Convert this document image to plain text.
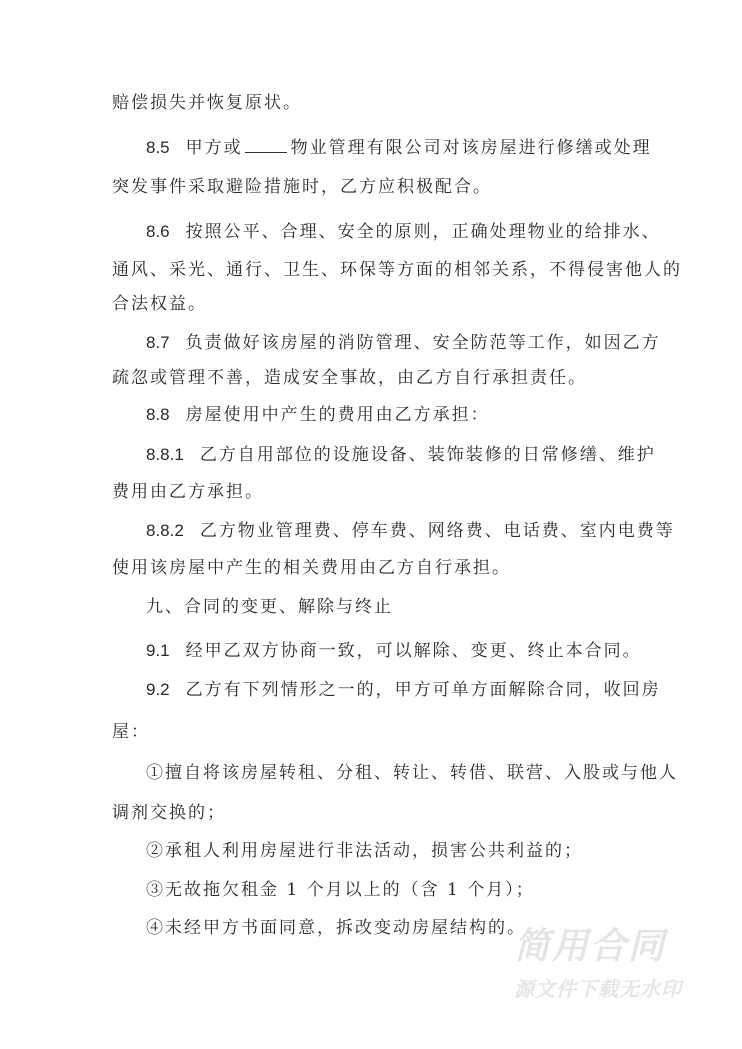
赔偿损失并恢复原状。
8.5 甲方或	物业管理有限公司对该房屋进行修缮或处理
突发事件采取避险措施时，乙方应积极配合。
8.6 按照公平、合理、安全的原则，正确处理物业的给排水、
通风、采光、通行、卫生、环保等方面的相邻关系，不得侵害他人的
合法权益。
8.7 负责做好该房屋的消防管理、安全防范等工作，如因乙方
疏忽或管理不善，造成安全事故，由乙方自行承担责任。
8.8 房屋使用中产生的费用由乙方承担：
8.8.1 乙方自用部位的设施设备、装饰装修的日常修缮、维护
费用由乙方承担。
8.8.2 乙方物业管理费、停车费、网络费、电话费、室内电费等
使用该房屋中产生的相关费用由乙方自行承担。
九、合同的变更、解除与终止
9.1 经甲乙双方协商一致，可以解除、变更、终止本合同。
9.2 乙方有下列情形之一的，甲方可单方面解除合同，收回房
屋：
①擅自将该房屋转租、分租、转让、转借、联营、入股或与他人
调剂交换的；
②承租人利用房屋进行非法活动，损害公共利益的；
③无故拖欠租金 1 个月以上的（含 1 个月）；
④未经甲方书面同意，拆改变动房屋结构的。
简用合同
源文件下载无水印
